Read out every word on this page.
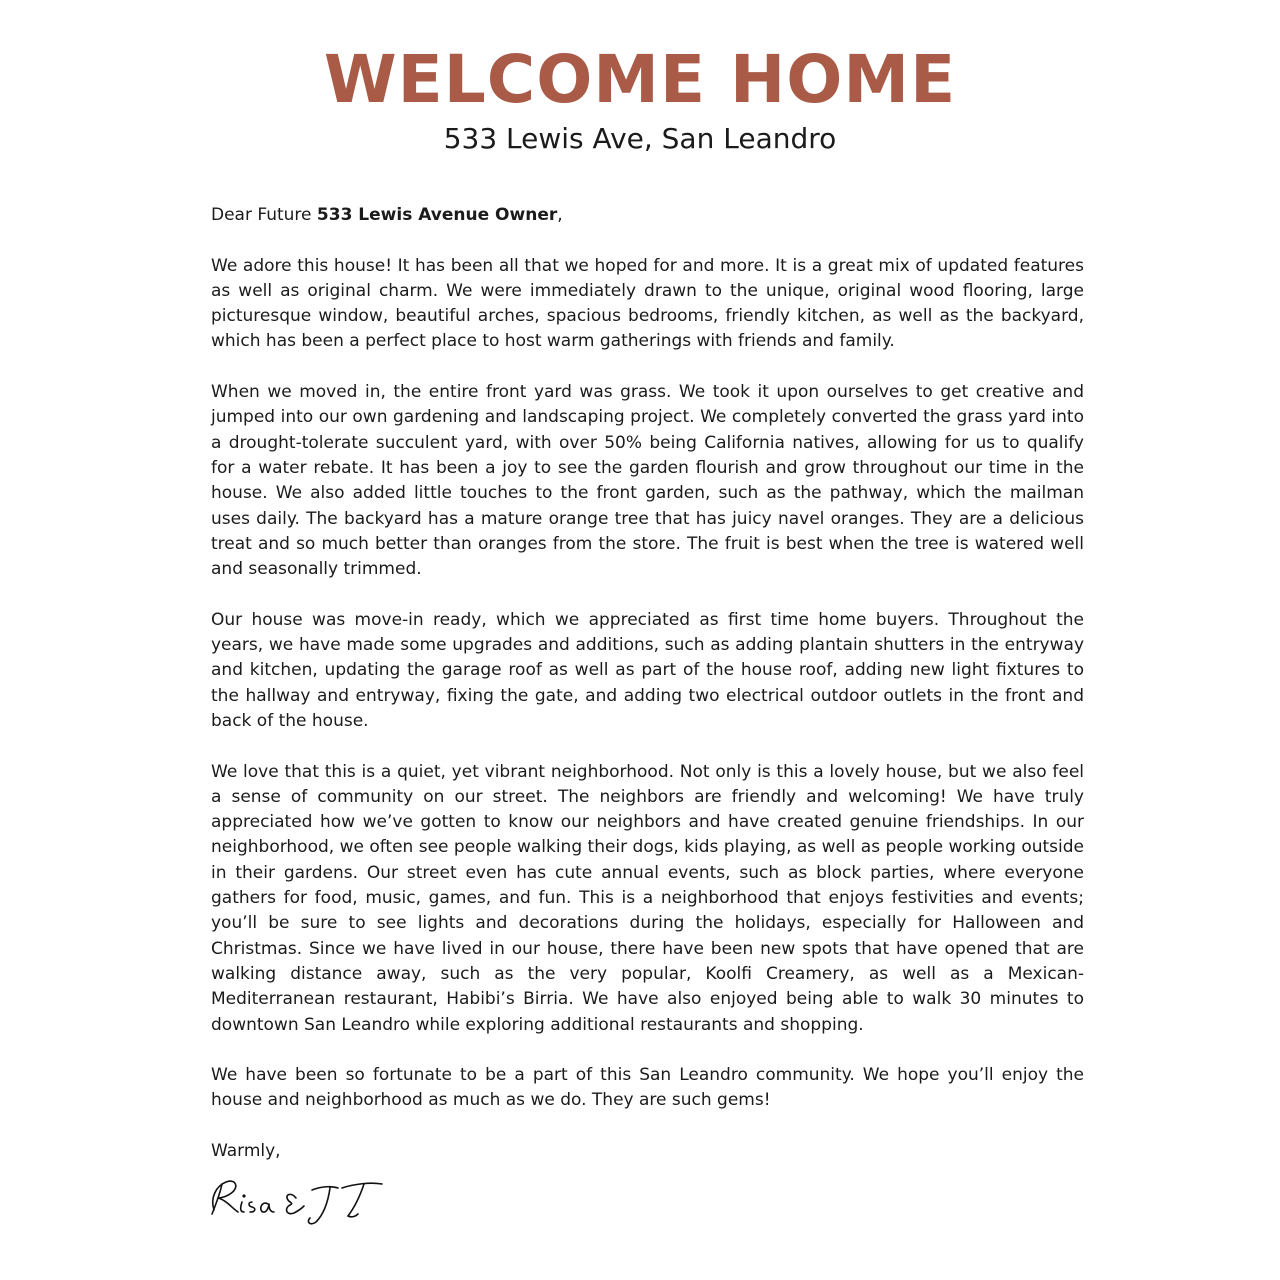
WELCOME HOME
533 Lewis Ave, San Leandro
Dear Future 533 Lewis Avenue Owner,

We adore this house! It has been all that we hoped for and more. It is a great mix of updated features as well as original charm. We were immediately drawn to the unique, original wood flooring, large picturesque window, beautiful arches, spacious bedrooms, friendly kitchen, as well as the backyard, which has been a perfect place to host warm gatherings with friends and family.

When we moved in, the entire front yard was grass. We took it upon ourselves to get creative and jumped into our own gardening and landscaping project. We completely converted the grass yard into a drought-tolerate succulent yard, with over 50% being California natives, allowing for us to qualify for a water rebate. It has been a joy to see the garden flourish and grow throughout our time in the house. We also added little touches to the front garden, such as the pathway, which the mailman uses daily. The backyard has a mature orange tree that has juicy navel oranges. They are a delicious treat and so much better than oranges from the store. The fruit is best when the tree is watered well and seasonally trimmed.

Our house was move-in ready, which we appreciated as first time home buyers. Throughout the years, we have made some upgrades and additions, such as adding plantain shutters in the entryway and kitchen, updating the garage roof as well as part of the house roof, adding new light fixtures to the hallway and entryway, fixing the gate, and adding two electrical outdoor outlets in the front and back of the house.

We love that this is a quiet, yet vibrant neighborhood. Not only is this a lovely house, but we also feel a sense of community on our street. The neighbors are friendly and welcoming! We have truly appreciated how we’ve gotten to know our neighbors and have created genuine friendships. In our neighborhood, we often see people walking their dogs, kids playing, as well as people working outside in their gardens. Our street even has cute annual events, such as block parties, where everyone gathers for food, music, games, and fun. This is a neighborhood that enjoys festivities and events; you’ll be sure to see lights and decorations during the holidays, especially for Halloween and Christmas. Since we have lived in our house, there have been new spots that have opened that are walking distance away, such as the very popular, Koolfi Creamery, as well as a Mexican-Mediterranean restaurant, Habibi’s Birria. We have also enjoyed being able to walk 30 minutes to downtown San Leandro while exploring additional restaurants and shopping.

We have been so fortunate to be a part of this San Leandro community. We hope you’ll enjoy the house and neighborhood as much as we do. They are such gems!

Warmly,
